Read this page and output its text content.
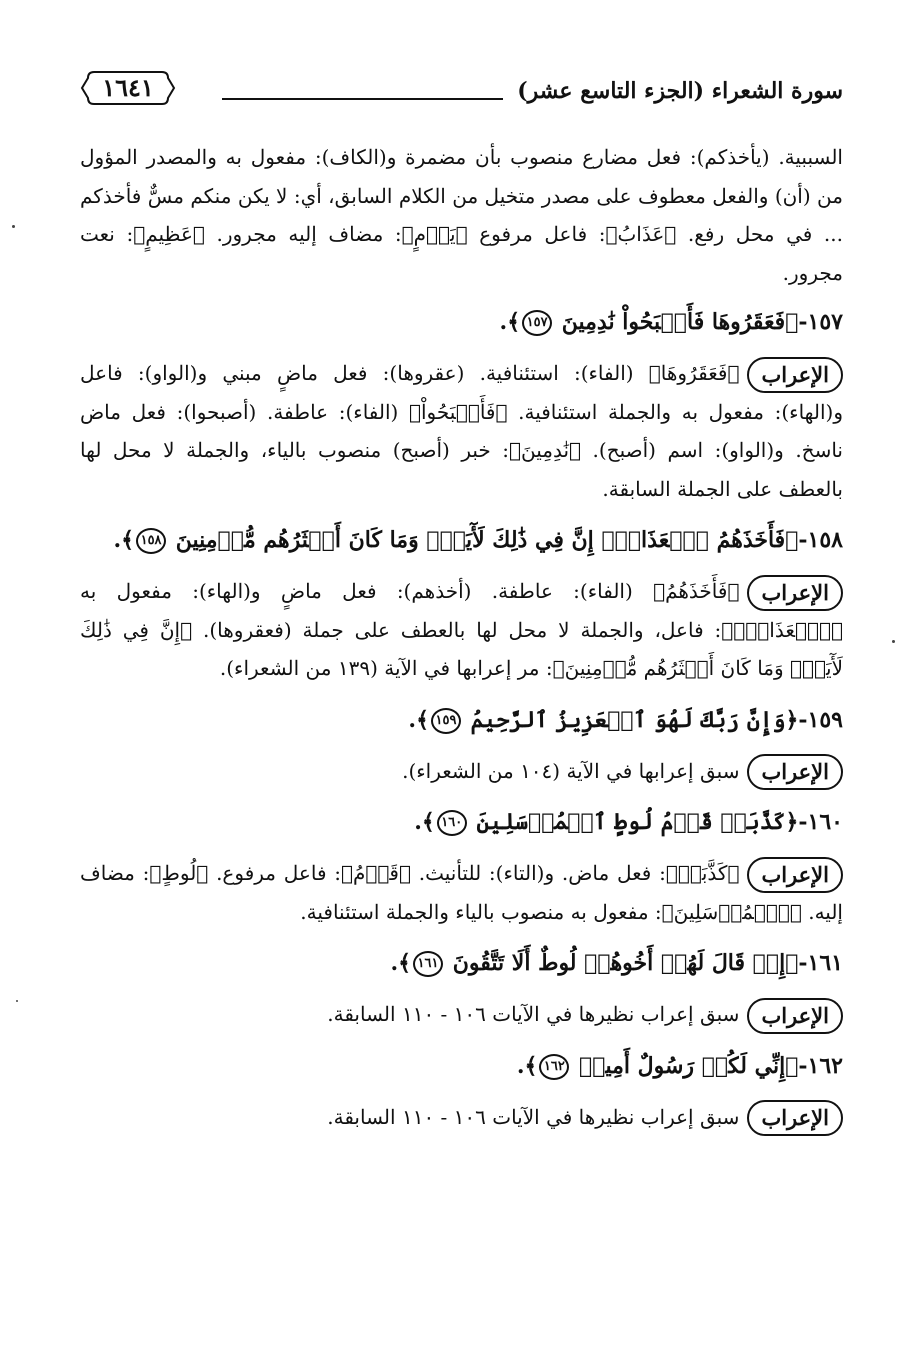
سورة الشعراء (الجزء التاسع عشر)
١٦٤١

السببية. (يأخذكم): فعل مضارع منصوب بأن مضمرة و(الكاف): مفعول به والمصدر المؤول من (أن) والفعل معطوف على مصدر متخيل من الكلام السابق، أي: لا يكن منكم مسٌّ فأخذكم ... في محل رفع. ﴿عَذَابُ﴾: فاعل مرفوع ﴿يَوۡمٍ﴾: مضاف إليه مجرور. ﴿عَظِيمٍ﴾: نعت مجرور.

١٥٧-﴿فَعَقَرُوهَا فَأَصۡبَحُواْ نَٰدِمِينَ ١٥٧﴾.

الإعراب﴿فَعَقَرُوهَا﴾ (الفاء): استئنافية. (عقروها): فعل ماضٍ مبني و(الواو): فاعل و(الهاء): مفعول به والجملة استئنافية. ﴿فَأَصۡبَحُواْ﴾ (الفاء): عاطفة. (أصبحوا): فعل ماض ناسخ. و(الواو): اسم (أصبح). ﴿نَٰدِمِينَ﴾: خبر (أصبح) منصوب بالياء، والجملة لا محل لها بالعطف على الجملة السابقة.

١٥٨-﴿فَأَخَذَهُمُ ٱلۡعَذَابُۚ إِنَّ فِي ذَٰلِكَ لَأٓيَةٗۖ وَمَا كَانَ أَكۡثَرُهُم مُّؤۡمِنِينَ ١٥٨﴾.

الإعراب﴿فَأَخَذَهُمُ﴾ (الفاء): عاطفة. (أخذهم): فعل ماضٍ و(الهاء): مفعول به ﴿ٱلۡعَذَابُۚ﴾: فاعل، والجملة لا محل لها بالعطف على جملة (فعقروها). ﴿إِنَّ فِي ذَٰلِكَ لَأٓيَةٗۖ وَمَا كَانَ أَكۡثَرُهُم مُّؤۡمِنِينَ﴾: مر إعرابها في الآية (١٣٩ من الشعراء).

١٥٩-﴿وَإِنَّ رَبَّكَ لَهُوَ ٱلۡعَزِيزُ ٱلرَّحِيمُ ١٥٩﴾.

الإعرابسبق إعرابها في الآية (١٠٤ من الشعراء).

١٦٠-﴿كَذَّبَتۡ قَوۡمُ لُوطٍ ٱلۡمُرۡسَلِينَ ١٦٠﴾.

الإعراب﴿كَذَّبَتۡ﴾: فعل ماض. و(التاء): للتأنيث. ﴿قَوۡمُ﴾: فاعل مرفوع. ﴿لُوطٍ﴾: مضاف إليه. ﴿ٱلۡمُرۡسَلِينَ﴾: مفعول به منصوب بالياء والجملة استئنافية.

١٦١-﴿إِذۡ قَالَ لَهُمۡ أَخُوهُمۡ لُوطٌ أَلَا تَتَّقُونَ ١٦١﴾.

الإعرابسبق إعراب نظيرها في الآيات ١٠٦ - ١١٠ السابقة.

١٦٢-﴿إِنِّي لَكُمۡ رَسُولٌ أَمِينٞ ١٦٢﴾.

الإعرابسبق إعراب نظيرها في الآيات ١٠٦ - ١١٠ السابقة.
